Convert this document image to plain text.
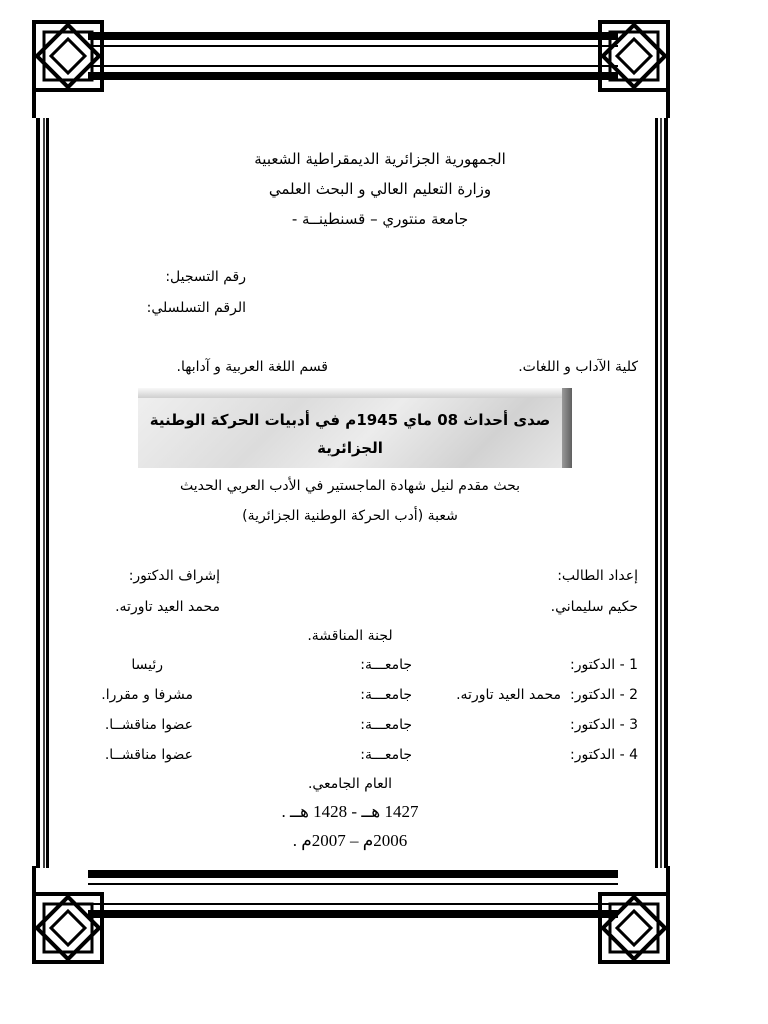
الجمهورية الجزائرية الديمقراطية الشعبية
وزارة التعليم العالي و البحث العلمي
جامعة منتوري – قسنطينــة -
رقم التسجيل:
الرقم التسلسلي:
كلية الآداب و اللغات.
قسم اللغة العربية و آدابها.
صدى أحداث 08 ماي 1945م في أدبيات الحركة الوطنية
الجزائرية
بحث مقدم لنيل شهادة الماجستير في الأدب العربي الحديث
شعبة (أدب الحركة الوطنية الجزائرية)
إعداد الطالب:
إشراف الدكتور:
حكيم سليماني.
محمد العيد تاورته.
لجنة المناقشة.
1 - الدكتور:
جامعـــة:
رئيسا
2 - الدكتور:
محمد العيد تاورته.
جامعـــة:
مشرفا و مقررا.
3 - الدكتور:
جامعـــة:
عضوا مناقشــا.
4 - الدكتور:
جامعـــة:
عضوا مناقشــا.
العام الجامعي.
1427 هــ - 1428 هــ .
2006م – 2007م .
